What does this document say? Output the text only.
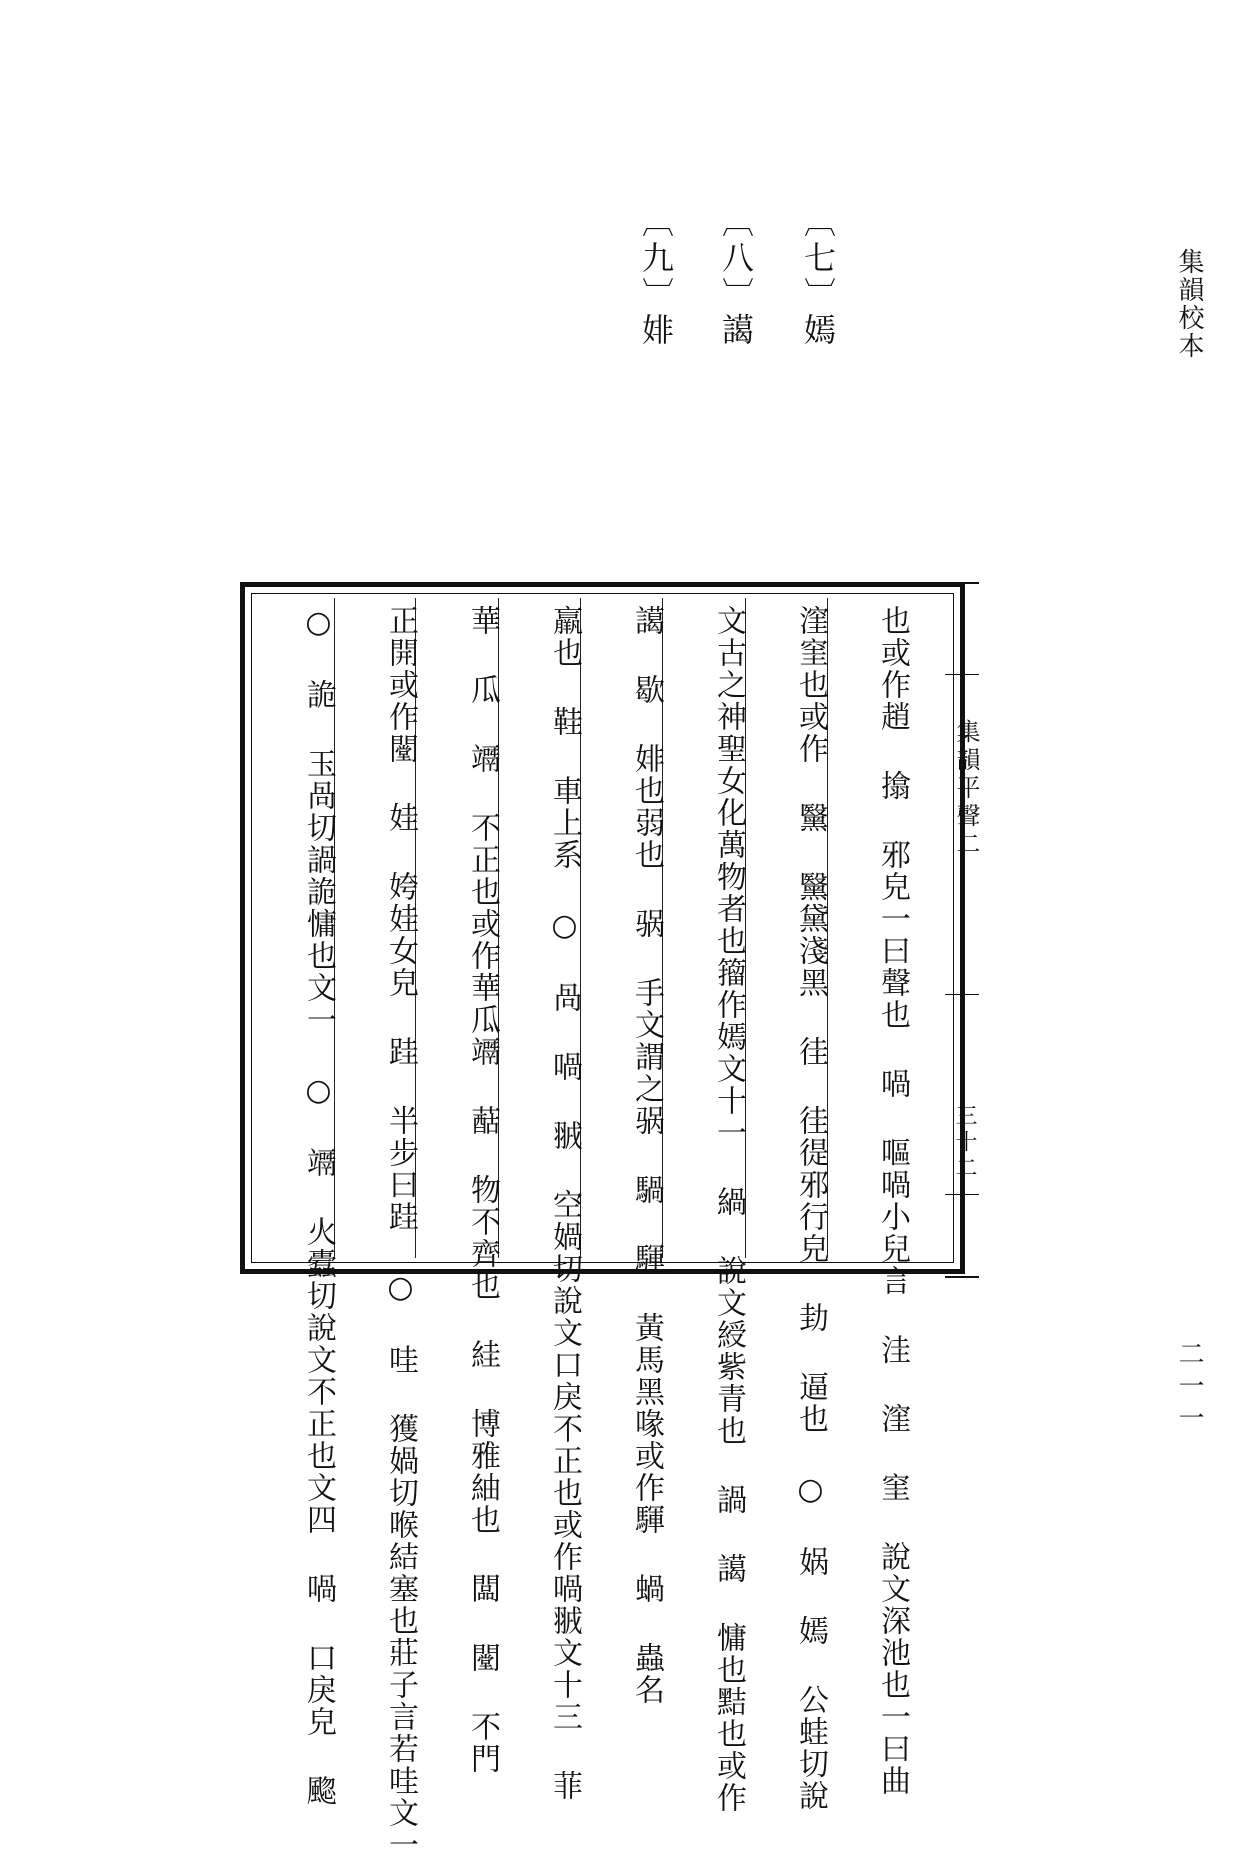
集韻校本
二一一
〔七〕嫣
〔八〕譪
〔九〕婔
也或作趙 㩉 邪皃一曰聲也 喎 嘔喎小兒言 洼 漥 窐 說文深池也一曰曲
漥窐也或作 黳 黳黛淺黑 徍 徍徥邪行皃 劸 逼也 ○ 娲 嫣 公蛙切說
文古之神聖女化萬物者也籀作嫣文十一 緺 說文綬紫青也 諣 譪 慵也黠也或作
譪 歇 婔也弱也 䯄 手文謂之䯄 騧 䮝 黃馬黑喙或作䮝 蝸 蟲名
羸也 鞋 車上系 ○ 咼 喎 䎉 空媧切說文口戾不正也或作喎䎉文十三 菲
華 瓜 竵 不正也或作華瓜竵 䔯 物不齊也 絓 博雅紬也 闆 闛 不門
正開或作闛 娃 姱娃女皃 跬 半步曰跬 ○ 哇 獲媧切喉結塞也莊子言若哇文一
○ 詭 玉咼切諣詭慵也文一 ○ 竵 火蠹切說文不正也文四 喎 口戾皃 䬍	集韻平聲二
三十二
